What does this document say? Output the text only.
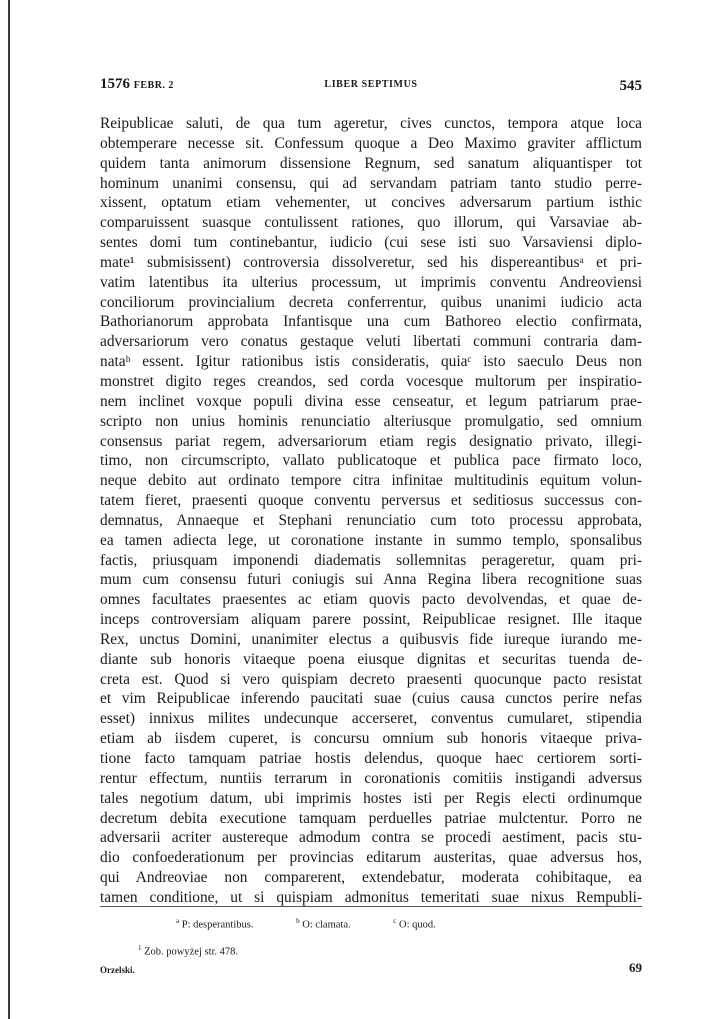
1576 FEBR. 2	LIBER SEPTIMUS	545
Reipublicae saluti, de qua tum ageretur, cives cunctos, tempora atque loca
obtemperare necesse sit. Confessum quoque a Deo Maximo graviter afflictum
quidem tanta animorum dissensione Regnum, sed sanatum aliquantisper tot
hominum unanimi consensu, qui ad servandam patriam tanto studio perre-
xissent, optatum etiam vehementer, ut concives adversarum partium isthic
comparuissent suasque contulissent rationes, quo illorum, qui Varsaviae ab-
sentes domi tum continebantur, iudicio (cui sese isti suo Varsaviensi diplo-
mate¹ submisissent) controversia dissolveretur, sed his dispereantibusᵃ et pri-
vatim latentibus ita ulterius processum, ut imprimis conventu Andreoviensi
conciliorum provincialium decreta conferrentur, quibus unanimi iudicio acta
Bathorianorum approbata Infantisque una cum Bathoreo electio confirmata,
adversariorum vero conatus gestaque veluti libertati communi contraria dam-
nataᵇ essent. Igitur rationibus istis consideratis, quiaᶜ isto saeculo Deus non
monstret digito reges creandos, sed corda vocesque multorum per inspiratio-
nem inclinet voxque populi divina esse censeatur, et legum patriarum prae-
scripto non unius hominis renunciatio alteriusque promulgatio, sed omnium
consensus pariat regem, adversariorum etiam regis designatio privato, illegi-
timo, non circumscripto, vallato publicatoque et publica pace firmato loco,
neque debito aut ordinato tempore citra infinitae multitudinis equitum volun-
tatem fieret, praesenti quoque conventu perversus et seditiosus successus con-
demnatus, Annaeque et Stephani renunciatio cum toto processu approbata,
ea tamen adiecta lege, ut coronatione instante in summo templo, sponsalibus
factis, priusquam imponendi diadematis sollemnitas perageretur, quam pri-
mum cum consensu futuri coniugis sui Anna Regina libera recognitione suas
omnes facultates praesentes ac etiam quovis pacto devolvendas, et quae de-
inceps controversiam aliquam parere possint, Reipublicae resignet. Ille itaque
Rex, unctus Domini, unanimiter electus a quibusvis fide iureque iurando me-
diante sub honoris vitaeque poena eiusque dignitas et securitas tuenda de-
creta est. Quod si vero quispiam decreto praesenti quocunque pacto resistat
et vim Reipublicae inferendo paucitati suae (cuius causa cunctos perire nefas
esset) innixus milites undecunque accerseret, conventus cumularet, stipendia
etiam ab iisdem cuperet, is concursu omnium sub honoris vitaeque priva-
tione facto tamquam patriae hostis delendus, quoque haec certiorem sorti-
rentur effectum, nuntiis terrarum in coronationis comitiis instigandi adversus
tales negotium datum, ubi imprimis hostes isti per Regis electi ordinumque
decretum debita executione tamquam perduelles patriae mulctentur. Porro ne
adversarii acriter austereque admodum contra se procedi aestiment, pacis stu-
dio confoederationum per provincias editarum austeritas, quae adversus hos,
qui Andreoviae non comparerent, extendebatur, moderata cohibitaque, ea
tamen conditione, ut si quispiam admonitus temeritati suae nixus Rempubli-
$^a$ P: desperantibus.	$^b$ O: clamata.	$^c$ O: quod.
$^1$ Zob. powyżej str. 478.
Orzelski.	69
